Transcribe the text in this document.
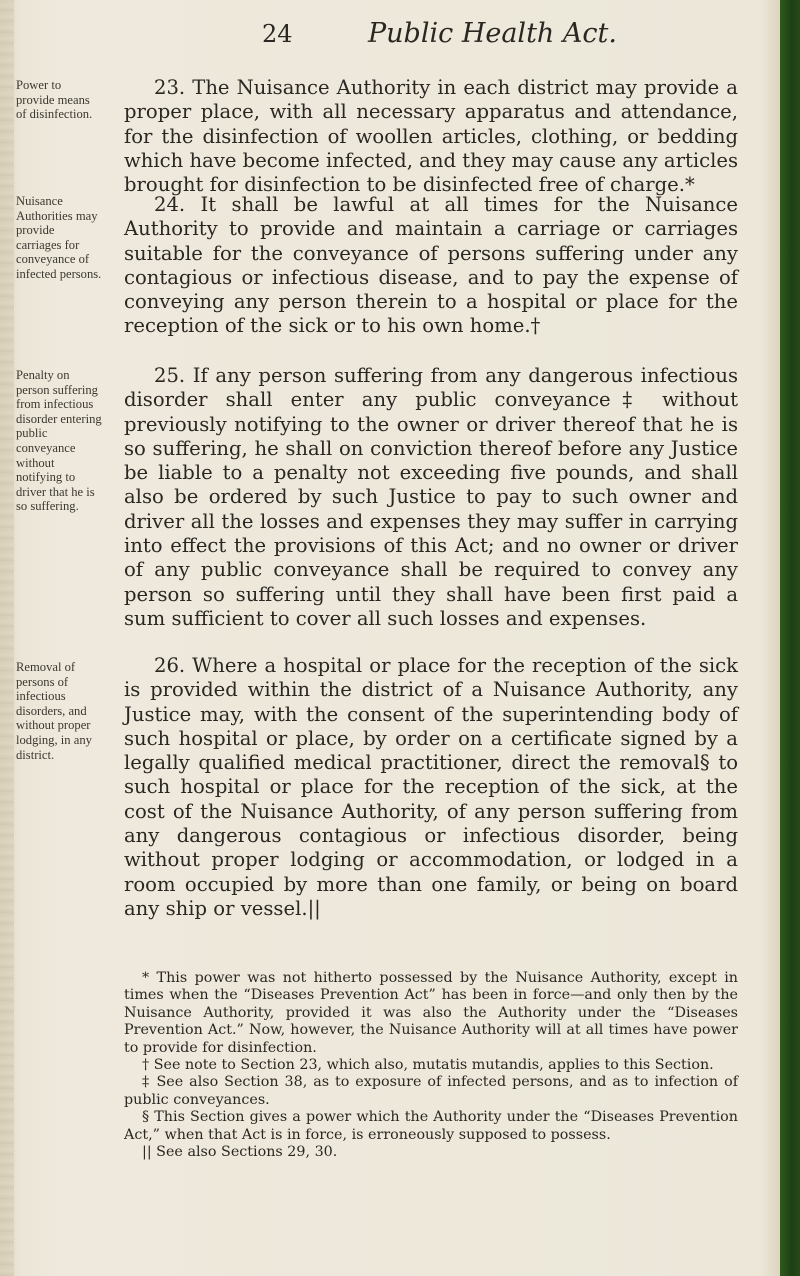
24	Public Health Act.
Power to provide means of disinfection.
Nuisance Authorities may provide carriages for conveyance of infected persons.
Penalty on person suffering from infectious disorder entering public conveyance without notifying to driver that he is so suffering.
Removal of persons of infectious disorders, and without proper lodging, in any district.

23. The Nuisance Authority in each district may provide a proper place, with all necessary apparatus and attendance, for the disinfection of woollen articles, clothing, or bedding which have become infected, and they may cause any articles brought for disinfection to be disinfected free of charge.*

24. It shall be lawful at all times for the Nuisance Authority to provide and maintain a carriage or carriages suitable for the conveyance of persons suffering under any contagious or infectious disease, and to pay the expense of conveying any person therein to a hospital or place for the reception of the sick or to his own home.†

25. If any person suffering from any dangerous infectious disorder shall enter any public conveyance‡ without previously notifying to the owner or driver thereof that he is so suffering, he shall on conviction thereof before any Justice be liable to a penalty not exceeding five pounds, and shall also be ordered by such Justice to pay to such owner and driver all the losses and expenses they may suffer in carrying into effect the provisions of this Act; and no owner or driver of any public conveyance shall be required to convey any person so suffering until they shall have been first paid a sum sufficient to cover all such losses and expenses.

26. Where a hospital or place for the reception of the sick is provided within the district of a Nuisance Authority, any Justice may, with the consent of the superintending body of such hospital or place, by order on a certificate signed by a legally qualified medical practitioner, direct the removal§ to such hospital or place for the reception of the sick, at the cost of the Nuisance Authority, of any person suffering from any dangerous contagious or infectious disorder, being without proper lodging or accommodation, or lodged in a room occupied by more than one family, or being on board any ship or vessel.||

* This power was not hitherto possessed by the Nuisance Authority, except in times when the “Diseases Prevention Act” has been in force—and only then by the Nuisance Authority, provided it was also the Authority under the “Diseases Prevention Act.” Now, however, the Nuisance Authority will at all times have power to provide for disinfection.

† See note to Section 23, which also, mutatis mutandis, applies to this Section.

‡ See also Section 38, as to exposure of infected persons, and as to infection of public conveyances.

§ This Section gives a power which the Authority under the “Diseases Prevention Act,” when that Act is in force, is erroneously supposed to possess.

|| See also Sections 29, 30.
